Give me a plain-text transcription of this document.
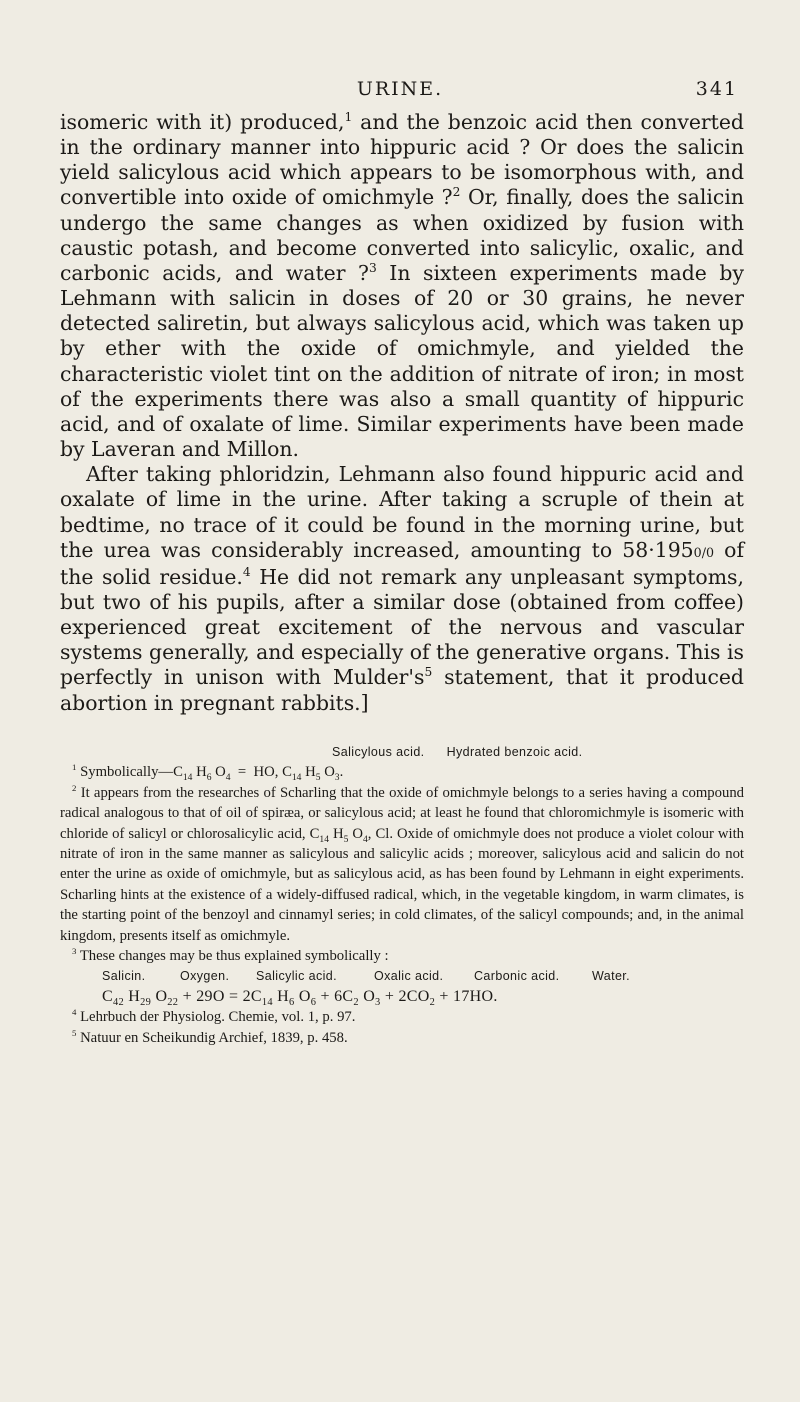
URINE.	341

isomeric with it) produced,$^1$ and the benzoic acid then converted in the ordinary manner into hippuric acid ? Or does the salicin yield salicylous acid which appears to be isomorphous with, and convertible into oxide of omichmyle ?$^2$ Or, finally, does the salicin undergo the same changes as when oxidized by fusion with caustic potash, and become converted into salicylic, oxalic, and carbonic acids, and water ?$^3$ In sixteen experiments made by Lehmann with salicin in doses of 20 or 30 grains, he never detected saliretin, but always salicylous acid, which was taken up by ether with the oxide of omichmyle, and yielded the characteristic violet tint on the addition of nitrate of iron; in most of the experiments there was also a small quantity of hippuric acid, and of oxalate of lime. Similar experiments have been made by Laveran and Millon.

After taking phloridzin, Lehmann also found hippuric acid and oxalate of lime in the urine. After taking a scruple of thein at bedtime, no trace of it could be found in the morning urine, but the urea was considerably increased, amounting to 58·1950/0 of the solid residue.$^4$ He did not remark any unpleasant symptoms, but two of his pupils, after a similar dose (obtained from coffee) experienced great excitement of the nervous and vascular systems generally, and especially of the generative organs. This is perfectly in unison with $Mulder's^5$ statement, that it produced abortion in pregnant rabbits.]

Salicylous acid. Hydrated benzoic acid.

$^1$ $Symbolically—C_{14}$ $H_6$ $O_4$ = HO, $C_{14}$ $H_5$ $O_3$.

$^2$ It appears from the researches of Scharling that the oxide of omichmyle belongs to a series having a compound radical analogous to that of oil of spiræa, or salicylous acid; at least he found that chloromichmyle is isomeric with chloride of salicyl or chlorosalicylic acid, $C_{14}$ $H_5$ $O_4$, Cl. Oxide of omichmyle does not produce a violet colour with nitrate of iron in the same manner as salicylous and salicylic acids ; moreover, salicylous acid and salicin do not enter the urine as oxide of omichmyle, but as salicylous acid, as has been found by Lehmann in eight experiments. Scharling hints at the existence of a widely-diffused radical, which, in the vegetable kingdom, in warm climates, is the starting point of the benzoyl and cinnamyl series; in cold climates, of the salicyl compounds; and, in the animal kingdom, presents itself as omichmyle.

$^3$ These changes may be thus explained symbolically :

Salicin.	Oxygen. Salicylic acid.	Oxalic acid. Carbonic acid.	Water.
$C_{42}$ $H_{29}$ $O_{22} + 29O = 2C_{14}$ $H_6$ $O_6 + 6C_2$ $O_3 + 2CO_2 + 17HO$.

$^4$ Lehrbuch der Physiolog. Chemie, vol. 1, p. 97.

$^5$ Natuur en Scheikundig Archief, 1839, p. 458.
